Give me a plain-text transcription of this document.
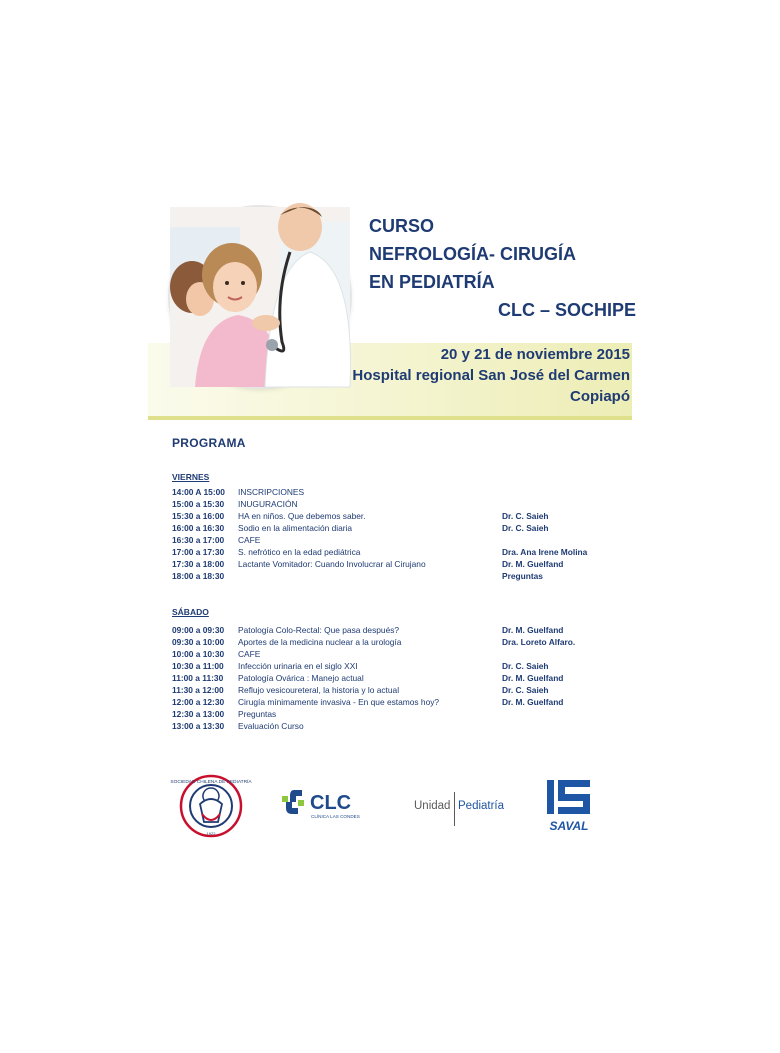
CURSO
NEFROLOGÍA- CIRUGÍA
EN PEDIATRÍA
CLC – SOCHIPE
20 y 21 de noviembre 2015
Hospital regional San José del Carmen
Copiapó
PROGRAMA
VIERNES
14:00 A 15:00 INSCRIPCIONES
15:00 a 15:30 INUGURACIÓN
15:30 a 16:00 HA en niños. Que debemos saber.	Dr. C. Saieh
16:00 a 16:30 Sodio en la alimentación diaria	Dr. C. Saieh
16:30 a 17:00 CAFE
17:00 a 17:30 S. nefrótico en la edad pediátrica	Dra. Ana Irene Molina
17:30 a 18:00 Lactante Vomitador: Cuando Involucrar al Cirujano	Dr. M. Guelfand
18:00 a 18:30	Preguntas
SÁBADO
09:00 a 09:30 Patología Colo-Rectal: Que pasa después?	Dr. M. Guelfand
09:30 a 10:00 Aportes de la medicina nuclear a la urología	Dra. Loreto Alfaro.
10:00 a 10:30 CAFE
10:30 a 11:00 Infección urinaria en el siglo XXI	Dr. C. Saieh
11:00 a 11:30 Patología Ovárica : Manejo actual	Dr. M. Guelfand
11:30 a 12:00 Reflujo vesicoureteral, la historia y lo actual	Dr. C. Saieh
12:00 a 12:30 Cirugía mínimamente invasiva - En que estamos hoy?	Dr. M. Guelfand
12:30 a 13:00 Preguntas
13:00 a 13:30 Evaluación Curso
SOCIEDAD CHILENA DE PEDIATRÍA
1922
CLC
CLÍNICA LAS CONDES
Unidad Pediatría
SAVAL
